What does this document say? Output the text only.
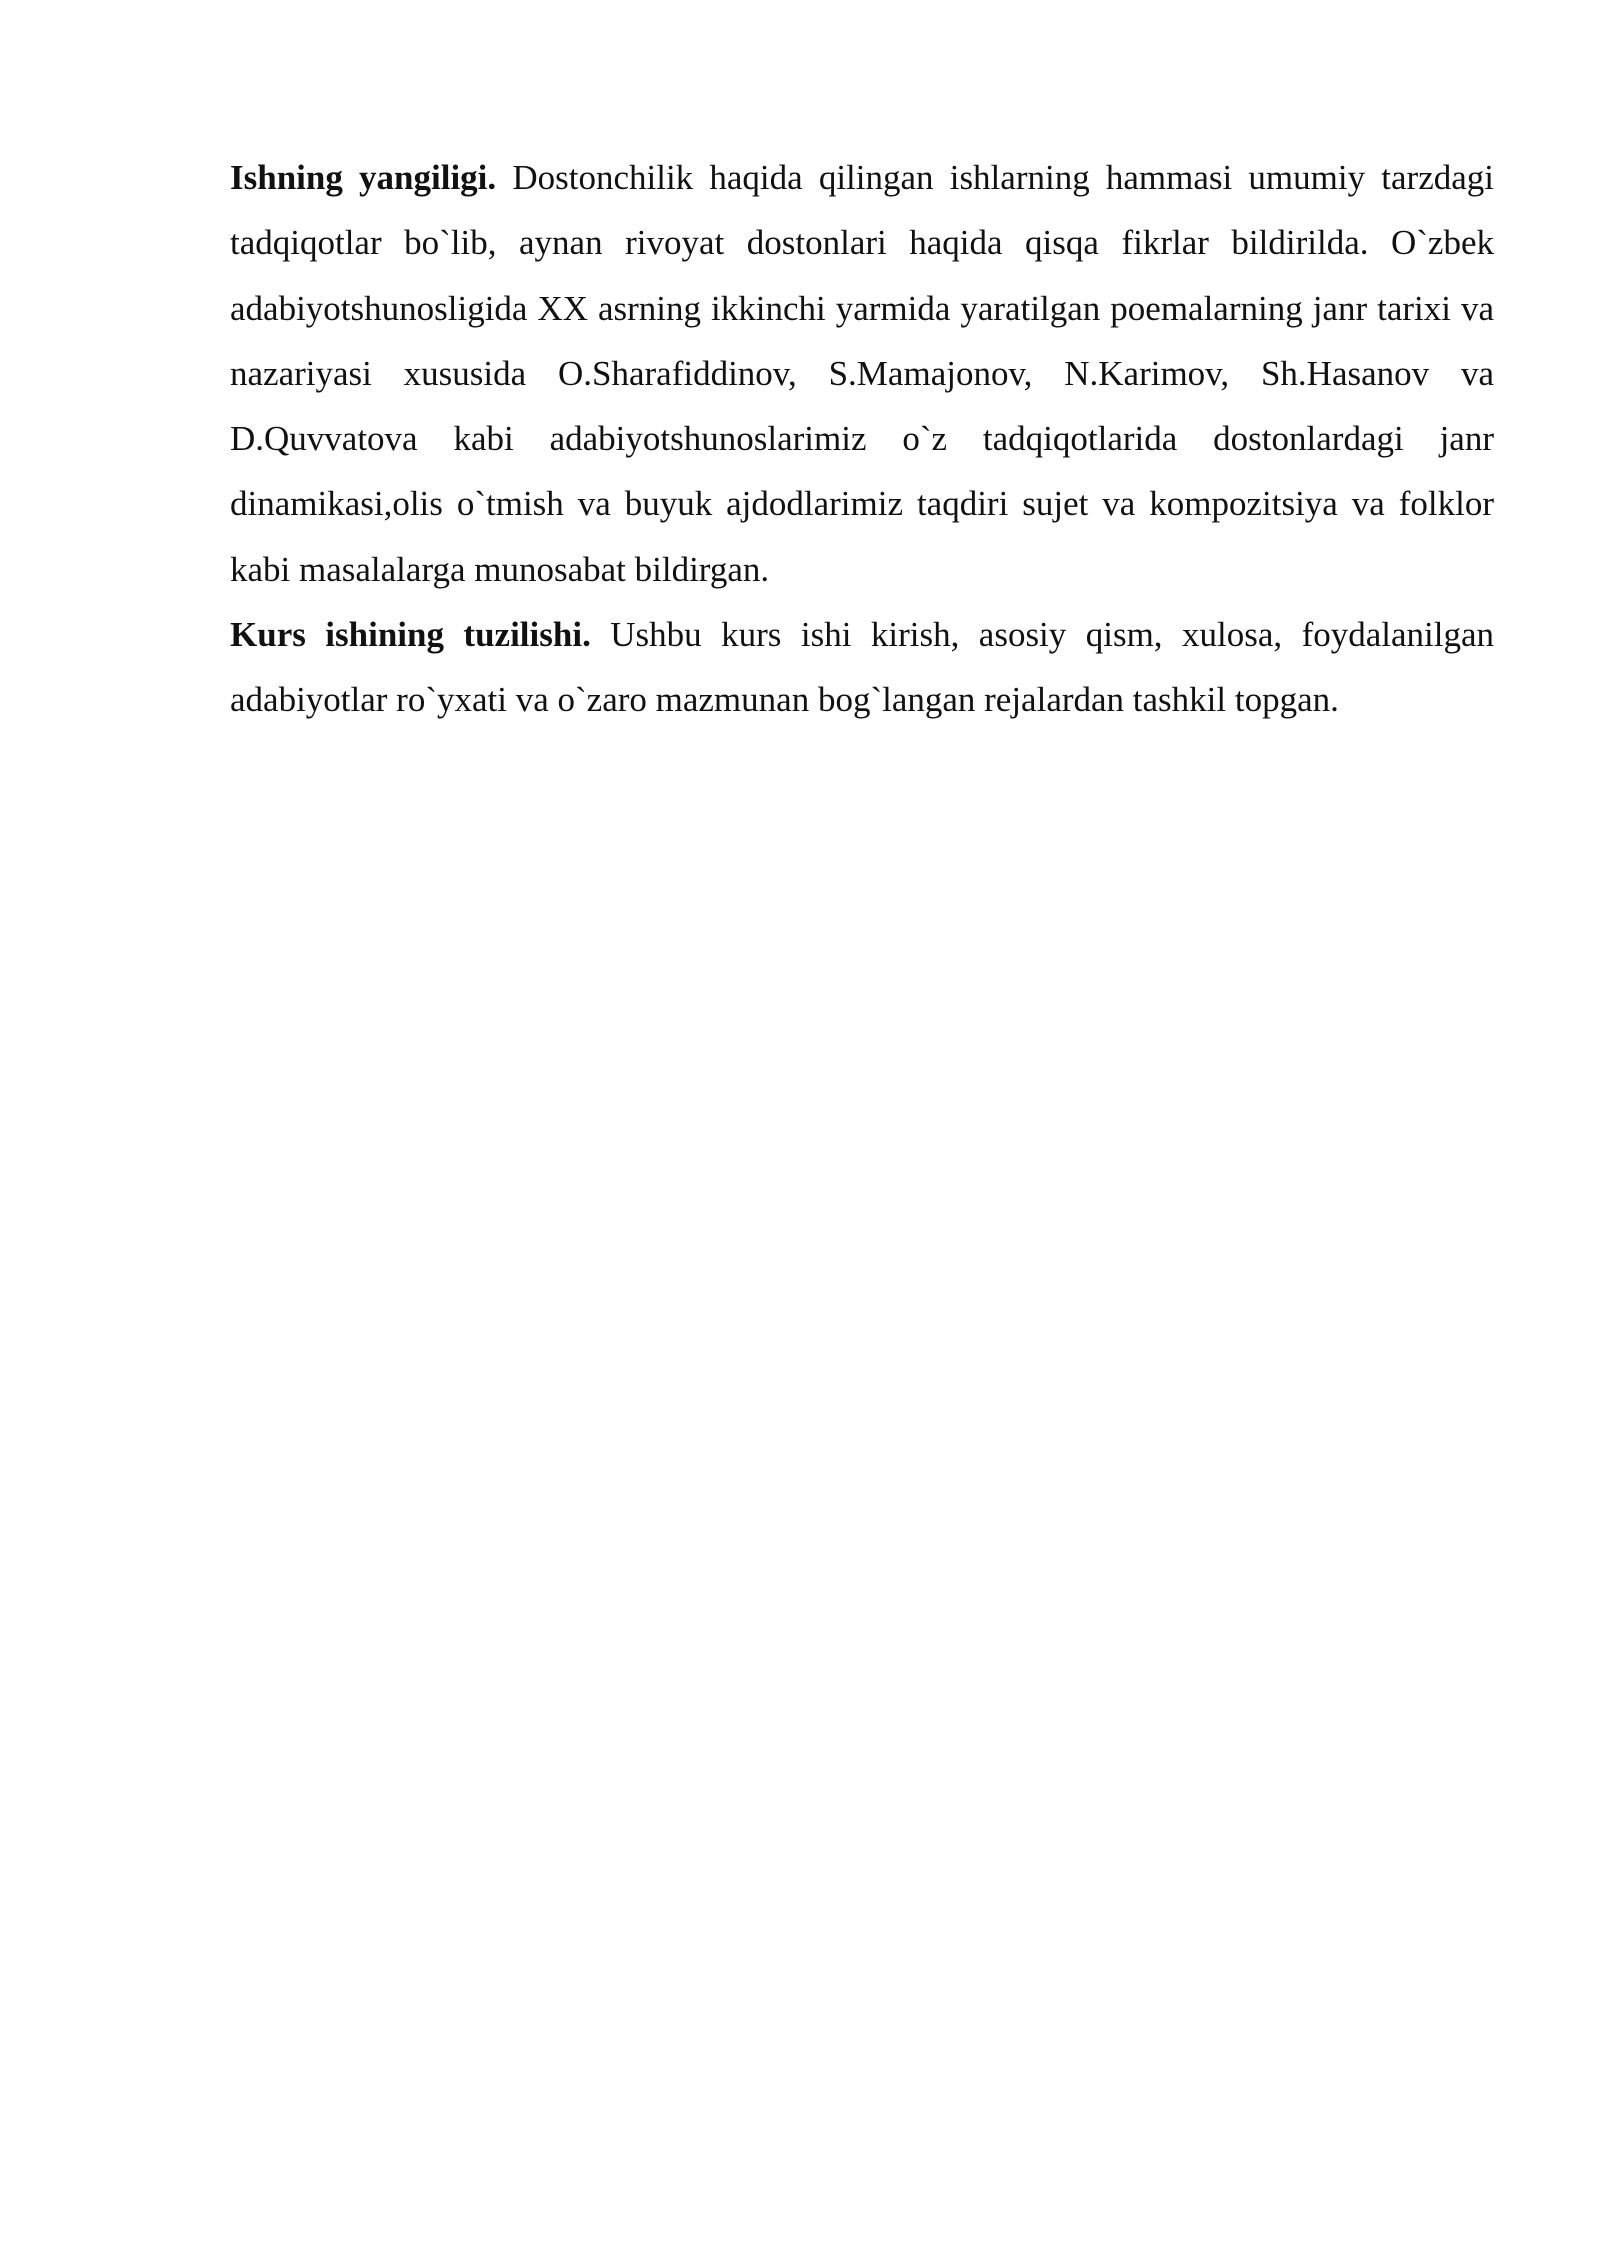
Ishning yangiligi. Dostonchilik haqida qilingan ishlarning hammasi umumiy tarzdagi tadqiqotlar bo`lib, aynan rivoyat dostonlari haqida qisqa fikrlar bildirilda. O`zbek adabiyotshunosligida XX asrning ikkinchi yarmida yaratilgan poemalarning janr tarixi va nazariyasi xususida O.Sharafiddinov, S.Mamajonov, N.Karimov, Sh.Hasanov va D.Quvvatova kabi adabiyotshunoslarimiz o`z tadqiqotlarida dostonlardagi janr dinamikasi,olis o`tmish va buyuk ajdodlarimiz taqdiri sujet va kompozitsiya va folklor kabi masalalarga munosabat bildirgan.

Kurs ishining tuzilishi. Ushbu kurs ishi kirish, asosiy qism, xulosa, foydalanilgan adabiyotlar ro`yxati va o`zaro mazmunan bog`langan rejalardan tashkil topgan.
